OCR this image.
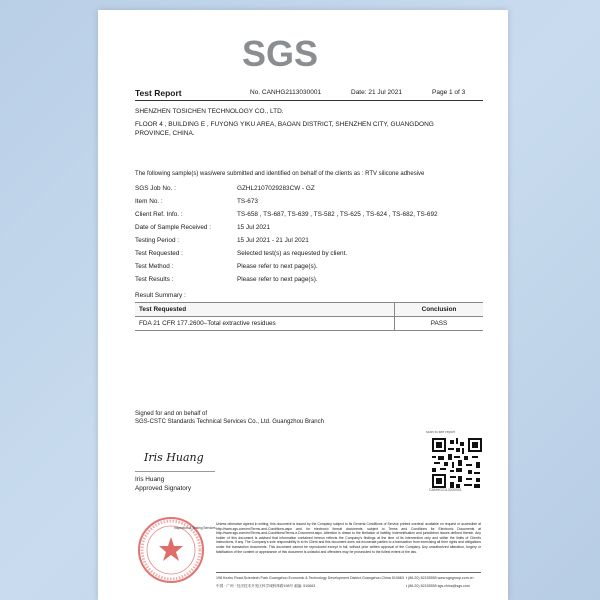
SGS
Test Report	No. CANHG2113030001	Date: 21 Jul 2021	Page 1 of 3
SHENZHEN TOSICHEN TECHNOLOGY CO., LTD.
FLOOR 4 , BUILDING E , FUYONG YIKU AREA, BAOAN DISTRICT, SHENZHEN CITY, GUANGDONG PROVINCE, CHINA.
The following sample(s) was/were submitted and identified on behalf of the clients as : RTV silicone adhesive
SGS Job No. :	GZHL2107029283CW - GZ
Item No. :	TS-673
Client Ref. Info. :	TS-658 , TS-687, TS-639 , TS-582 , TS-625 , TS-624 , TS-682, TS-692
Date of Sample Received :	15 Jul 2021
Testing Period :	15 Jul 2021 - 21 Jul 2021
Test Requested :	Selected test(s) as requested by client.
Test Method :	Please refer to next page(s).
Test Results :	Please refer to next page(s).
Result Summary :
Test Requested	Conclusion
FDA 21 CFR 177.2600–Total extractive residues	PASS
Signed for and on behalf of
SGS-CSTC Standards Technical Services Co., Ltd. Guangzhou Branch
Iris Huang
Iris Huang
Approved Signatory
scan to see report
CANHG2113030001
Inspection & Testing Services
Unless otherwise agreed in writing, this document is issued by the Company subject to its General Conditions of Service printed overleaf, available on request or accessible at http://www.sgs.com/en/Terms-and-Conditions.aspx and, for electronic format documents, subject to Terms and Conditions for Electronic Documents at http://www.sgs.com/en/Terms-and-Conditions/Terms-e-Document.aspx. Attention is drawn to the limitation of liability, indemnification and jurisdiction issues defined therein. Any holder of this document is advised that information contained hereon reflects the Company's findings at the time of its intervention only and within the limits of Client's instructions, if any. The Company's sole responsibility is to its Client and this document does not exonerate parties to a transaction from exercising all their rights and obligations under the transaction documents. This document cannot be reproduced except in full, without prior written approval of the Company. Any unauthorized alteration, forgery or falsification of the content or appearance of this document is unlawful and offenders may be prosecuted to the fullest extent of the law.
198 Kezhu Road,Scientech Park Guangzhou Economic & Technology Development District,Guangzhou,China 510663 t (86-20) 82155555 www.sgsgroup.com.cn
中国 · 广州 · 经济技术开发区科学城科珠路198号 邮编: 510663	t (86-20) 82155555 sgs.china@sgs.com
